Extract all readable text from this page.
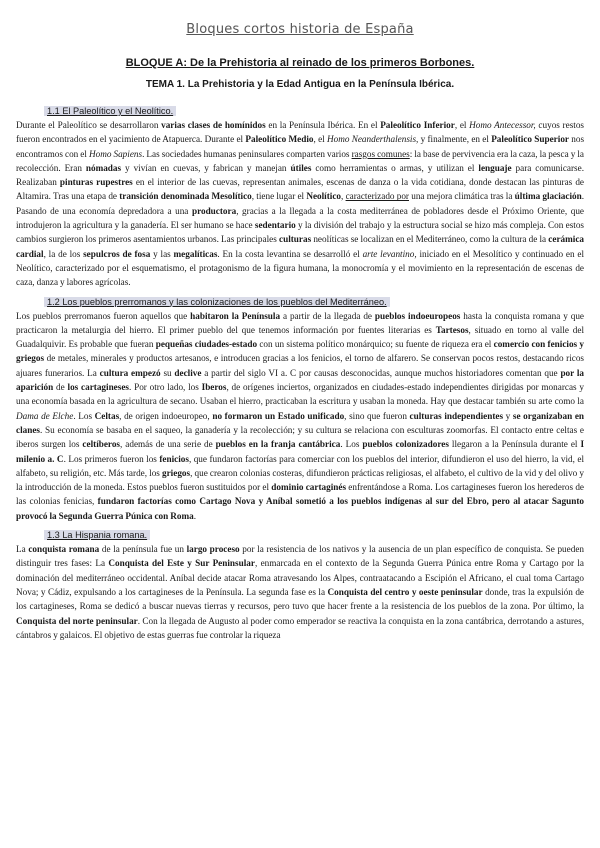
Bloques cortos historia de España
BLOQUE A: De la Prehistoria al reinado de los primeros Borbones.
TEMA 1. La Prehistoria y la Edad Antigua en la Península Ibérica.
1.1 El Paleolítico y el Neolítico.

Durante el Paleolítico se desarrollaron varias clases de homínidos en la Península Ibérica. En el Paleolítico Inferior, el Homo Antecessor, cuyos restos fueron encontrados en el yacimiento de Atapuerca. Durante el Paleolítico Medio, el Homo Neanderthalensis, y finalmente, en el Paleolítico Superior nos encontramos con el Homo Sapiens. Las sociedades humanas peninsulares comparten varios rasgos comunes: la base de pervivencia era la caza, la pesca y la recolección. Eran nómadas y vivían en cuevas, y fabrican y manejan útiles como herramientas o armas, y utilizan el lenguaje para comunicarse. Realizaban pinturas rupestres en el interior de las cuevas, representan animales, escenas de danza o la vida cotidiana, donde destacan las pinturas de Altamira. Tras una etapa de transición denominada Mesolítico, tiene lugar el Neolítico, caracterizado por una mejora climática tras la última glaciación. Pasando de una economía depredadora a una productora, gracias a la llegada a la costa mediterránea de pobladores desde el Próximo Oriente, que introdujeron la agricultura y la ganadería. El ser humano se hace sedentario y la división del trabajo y la estructura social se hizo más compleja. Con estos cambios surgieron los primeros asentamientos urbanos. Las principales culturas neolíticas se localizan en el Mediterráneo, como la cultura de la cerámica cardial, la de los sepulcros de fosa y las megalíticas. En la costa levantina se desarrolló el arte levantino, iniciado en el Mesolítico y continuado en el Neolítico, caracterizado por el esquematismo, el protagonismo de la figura humana, la monocromía y el movimiento en la representación de escenas de caza, danza y labores agrícolas.

1.2 Los pueblos prerromanos y las colonizaciones de los pueblos del Mediterráneo.

Los pueblos prerromanos fueron aquellos que habitaron la Península a partir de la llegada de pueblos indoeuropeos hasta la conquista romana y que practicaron la metalurgia del hierro. El primer pueblo del que tenemos información por fuentes literarias es Tartesos, situado en torno al valle del Guadalquivir. Es probable que fueran pequeñas ciudades-estado con un sistema político monárquico; su fuente de riqueza era el comercio con fenicios y griegos de metales, minerales y productos artesanos, e introducen gracias a los fenicios, el torno de alfarero. Se conservan pocos restos, destacando ricos ajuares funerarios. La cultura empezó su declive a partir del siglo VI a. C por causas desconocidas, aunque muchos historiadores comentan que por la aparición de los cartagineses. Por otro lado, los Iberos, de orígenes inciertos, organizados en ciudades-estado independientes dirigidas por monarcas y una economía basada en la agricultura de secano. Usaban el hierro, practicaban la escritura y usaban la moneda. Hay que destacar también su arte como la Dama de Elche. Los Celtas, de origen indoeuropeo, no formaron un Estado unificado, sino que fueron culturas independientes y se organizaban en clanes. Su economía se basaba en el saqueo, la ganadería y la recolección; y su cultura se relaciona con esculturas zoomorfas. El contacto entre celtas e iberos surgen los celtíberos, además de una serie de pueblos en la franja cantábrica. Los pueblos colonizadores llegaron a la Península durante el I milenio a. C. Los primeros fueron los fenicios, que fundaron factorías para comerciar con los pueblos del interior, difundieron el uso del hierro, la vid, el alfabeto, su religión, etc. Más tarde, los griegos, que crearon colonias costeras, difundieron prácticas religiosas, el alfabeto, el cultivo de la vid y del olivo y la introducción de la moneda. Estos pueblos fueron sustituidos por el dominio cartaginés enfrentándose a Roma. Los cartagineses fueron los herederos de las colonias fenicias, fundaron factorías como Cartago Nova y Aníbal sometió a los pueblos indígenas al sur del Ebro, pero al atacar Sagunto provocó la Segunda Guerra Púnica con Roma.

1.3 La Hispania romana.

La conquista romana de la península fue un largo proceso por la resistencia de los nativos y la ausencia de un plan específico de conquista. Se pueden distinguir tres fases: La Conquista del Este y Sur Peninsular, enmarcada en el contexto de la Segunda Guerra Púnica entre Roma y Cartago por la dominación del mediterráneo occidental. Aníbal decide atacar Roma atravesando los Alpes, contraatacando a Escipión el Africano, el cual toma Cartago Nova; y Cádiz, expulsando a los cartagineses de la Península. La segunda fase es la Conquista del centro y oeste peninsular donde, tras la expulsión de los cartagineses, Roma se dedicó a buscar nuevas tierras y recursos, pero tuvo que hacer frente a la resistencia de los pueblos de la zona. Por último, la Conquista del norte peninsular. Con la llegada de Augusto al poder como emperador se reactiva la conquista en la zona cantábrica, derrotando a astures, cántabros y galaicos. El objetivo de estas guerras fue controlar la riqueza
